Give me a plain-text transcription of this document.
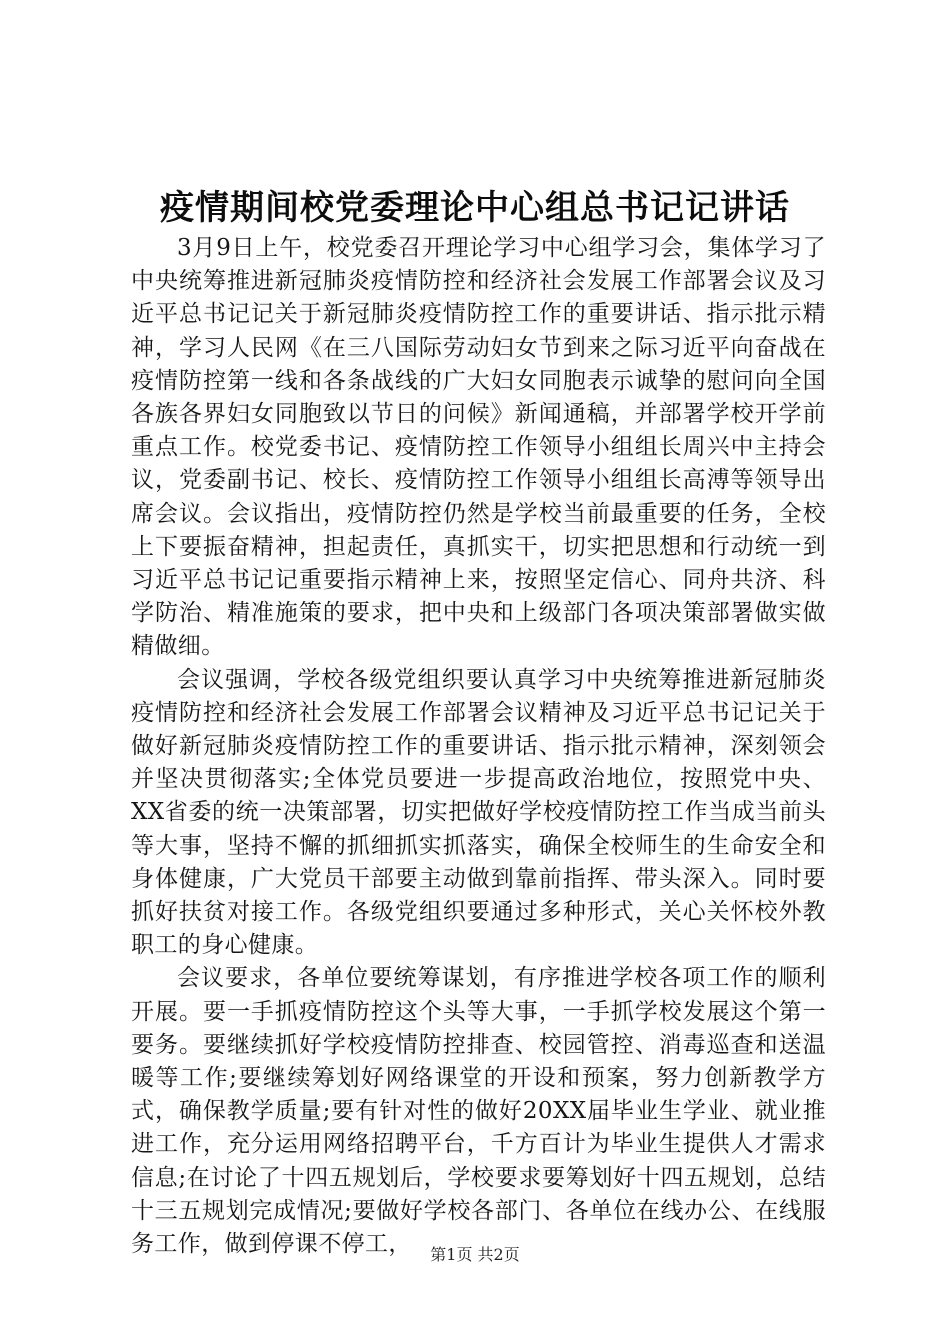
疫情期间校党委理论中心组总书记记讲话

3月9日上午，校党委召开理论学习中心组学习会，集体学习了中央统筹推进新冠肺炎疫情防控和经济社会发展工作部署会议及习近平总书记记关于新冠肺炎疫情防控工作的重要讲话、指示批示精神，学习人民网《在三八国际劳动妇女节到来之际习近平向奋战在疫情防控第一线和各条战线的广大妇女同胞表示诚挚的慰问向全国各族各界妇女同胞致以节日的问候》新闻通稿，并部署学校开学前重点工作。校党委书记、疫情防控工作领导小组组长周兴中主持会议，党委副书记、校长、疫情防控工作领导小组组长高溥等领导出席会议。会议指出，疫情防控仍然是学校当前最重要的任务，全校上下要振奋精神，担起责任，真抓实干，切实把思想和行动统一到习近平总书记记重要指示精神上来，按照坚定信心、同舟共济、科学防治、精准施策的要求，把中央和上级部门各项决策部署做实做精做细。

会议强调，学校各级党组织要认真学习中央统筹推进新冠肺炎疫情防控和经济社会发展工作部署会议精神及习近平总书记记关于做好新冠肺炎疫情防控工作的重要讲话、指示批示精神，深刻领会并坚决贯彻落实;全体党员要进一步提高政治地位，按照党中央、XX省委的统一决策部署，切实把做好学校疫情防控工作当成当前头等大事，坚持不懈的抓细抓实抓落实，确保全校师生的生命安全和身体健康，广大党员干部要主动做到靠前指挥、带头深入。同时要抓好扶贫对接工作。各级党组织要通过多种形式，关心关怀校外教职工的身心健康。

会议要求，各单位要统筹谋划，有序推进学校各项工作的顺利开展。要一手抓疫情防控这个头等大事，一手抓学校发展这个第一要务。要继续抓好学校疫情防控排查、校园管控、消毒巡查和送温暖等工作;要继续筹划好网络课堂的开设和预案，努力创新教学方式，确保教学质量;要有针对性的做好20XX届毕业生学业、就业推进工作，充分运用网络招聘平台，千方百计为毕业生提供人才需求信息;在讨论了十四五规划后，学校要求要筹划好十四五规划，总结十三五规划完成情况;要做好学校各部门、各单位在线办公、在线服务工作，做到停课不停工，	第1页 共2页
